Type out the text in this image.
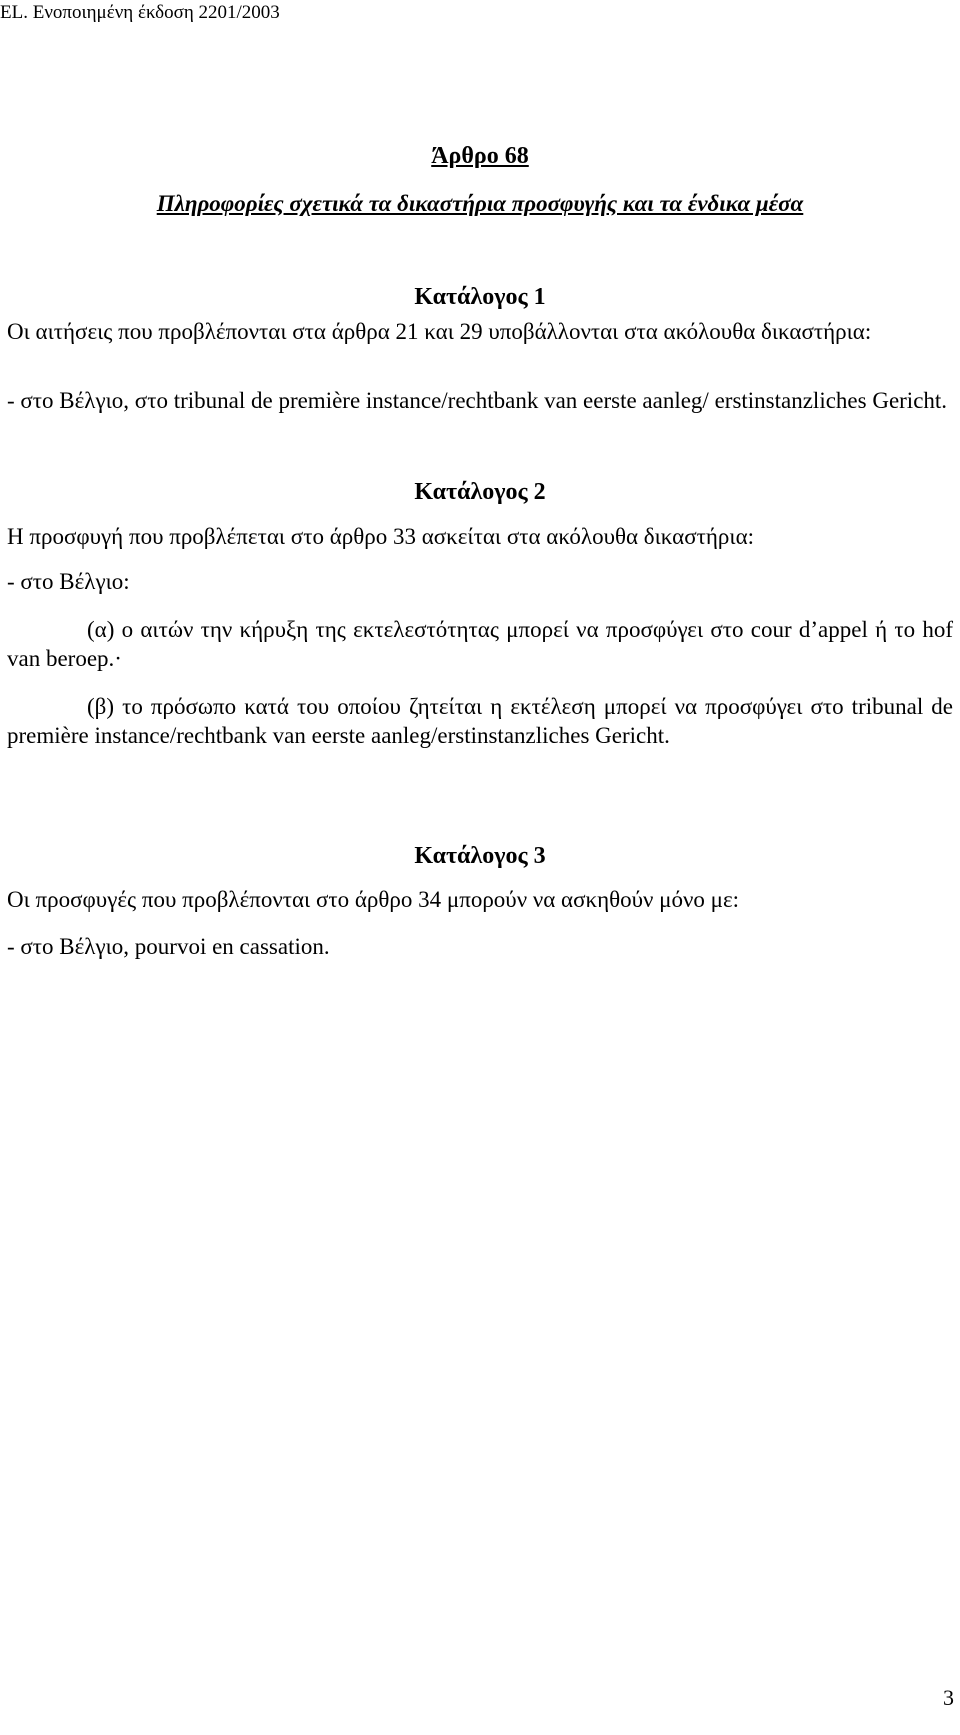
EL. Ενοποιημένη έκδοση 2201/2003
Άρθρο 68
Πληροφορίες σχετικά τα δικαστήρια προσφυγής και τα ένδικα μέσα
Κατάλογος 1
Οι αιτήσεις που προβλέπονται στα άρθρα 21 και 29 υποβάλλονται στα ακόλουθα δικαστήρια:
- στο Βέλγιο, στο tribunal de première instance/rechtbank van eerste aanleg/ erstinstanzliches Gericht.
Κατάλογος 2
Η προσφυγή που προβλέπεται στο άρθρο 33 ασκείται στα ακόλουθα δικαστήρια:
- στο Βέλγιο:
(α) ο αιτών την κήρυξη της εκτελεστότητας μπορεί να προσφύγει στο cour d’appel ή το hof van beroep.·
(β) το πρόσωπο κατά του οποίου ζητείται η εκτέλεση μπορεί να προσφύγει στο tribunal de première instance/rechtbank van eerste aanleg/erstinstanzliches Gericht.
Κατάλογος 3
Οι προσφυγές που προβλέπονται στο άρθρο 34 μπορούν να ασκηθούν μόνο με:
- στο Βέλγιο, pourvoi en cassation.
3
